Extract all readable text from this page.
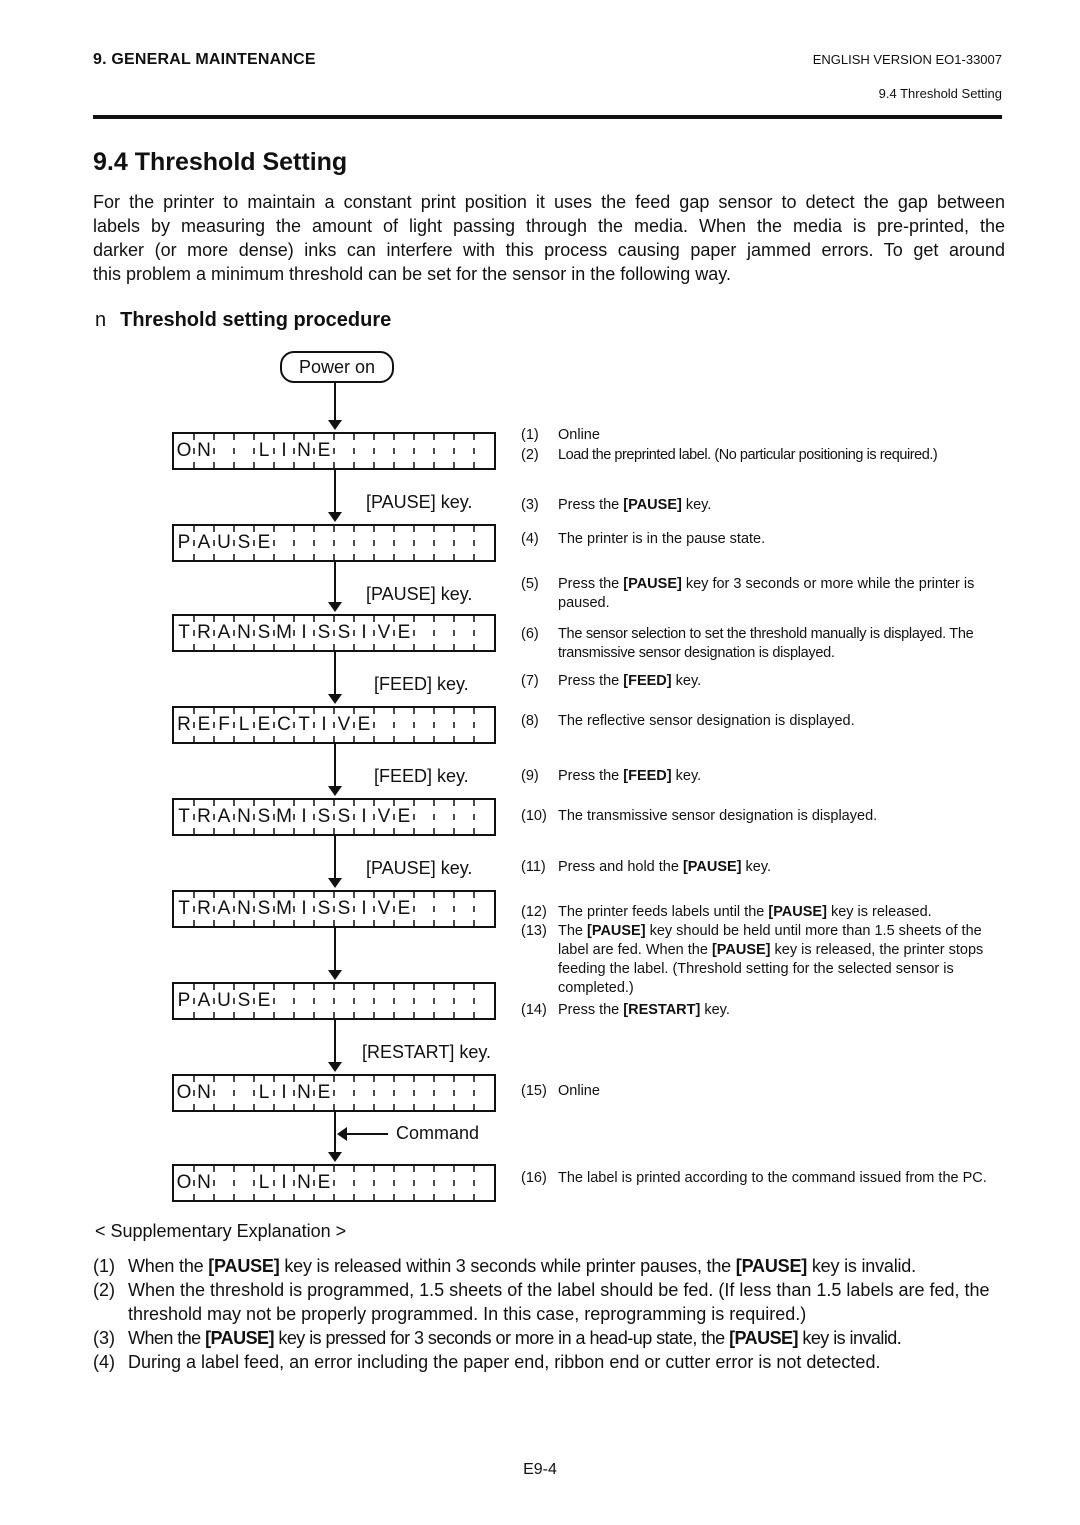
9. GENERAL MAINTENANCE	ENGLISH VERSION EO1-33007
9.4 Threshold Setting
9.4 Threshold Setting
For the printer to maintain a constant print position it uses the feed gap sensor to detect the gap between
labels by measuring the amount of light passing through the media. When the media is pre-printed, the
darker (or more dense) inks can interfere with this process causing paper jammed errors. To get around
this problem a minimum threshold can be set for the sensor in the following way.
n Threshold setting procedure
Power on
O N

	L I N E
P A U S E
T R A N S M I S S I V E
R E F L E C T I V E
T R A N S M I S S I V E
T R A N S M I S S I V E
P A U S E
O N

	L I N E
O N

	L I N E
[PAUSE] key.
[PAUSE] key.
[FEED] key.
[FEED] key.
[PAUSE] key.
[RESTART] key.
Command
(1)	Online
(2)	Load the preprinted label. (No particular positioning is required.)
(3)	Press the [PAUSE] key.
(4)	The printer is in the pause state.
(5)	Press the [PAUSE] key for 3 seconds or more while the printer is paused.
(6)	The sensor selection to set the threshold manually is displayed. The transmissive sensor designation is displayed.
(7)	Press the [FEED] key.
(8)	The reflective sensor designation is displayed.
(9)	Press the [FEED] key.
(10) The transmissive sensor designation is displayed.
(11) Press and hold the [PAUSE] key.
(12) The printer feeds labels until the [PAUSE] key is released.
(13) The [PAUSE] key should be held until more than 1.5 sheets of the label are fed. When the [PAUSE] key is released, the printer stops feeding the label. (Threshold setting for the selected sensor is completed.)
(14) Press the [RESTART] key.
(15) Online
(16) The label is printed according to the command issued from the PC.
< Supplementary Explanation >
(1) When the [PAUSE] key is released within 3 seconds while printer pauses, the [PAUSE] key is invalid.
(2) When the threshold is programmed, 1.5 sheets of the label should be fed. (If less than 1.5 labels are fed, the threshold may not be properly programmed. In this case, reprogramming is required.)
(3) When the [PAUSE] key is pressed for 3 seconds or more in a head-up state, the [PAUSE] key is invalid.
(4) During a label feed, an error including the paper end, ribbon end or cutter error is not detected.
E9-4
